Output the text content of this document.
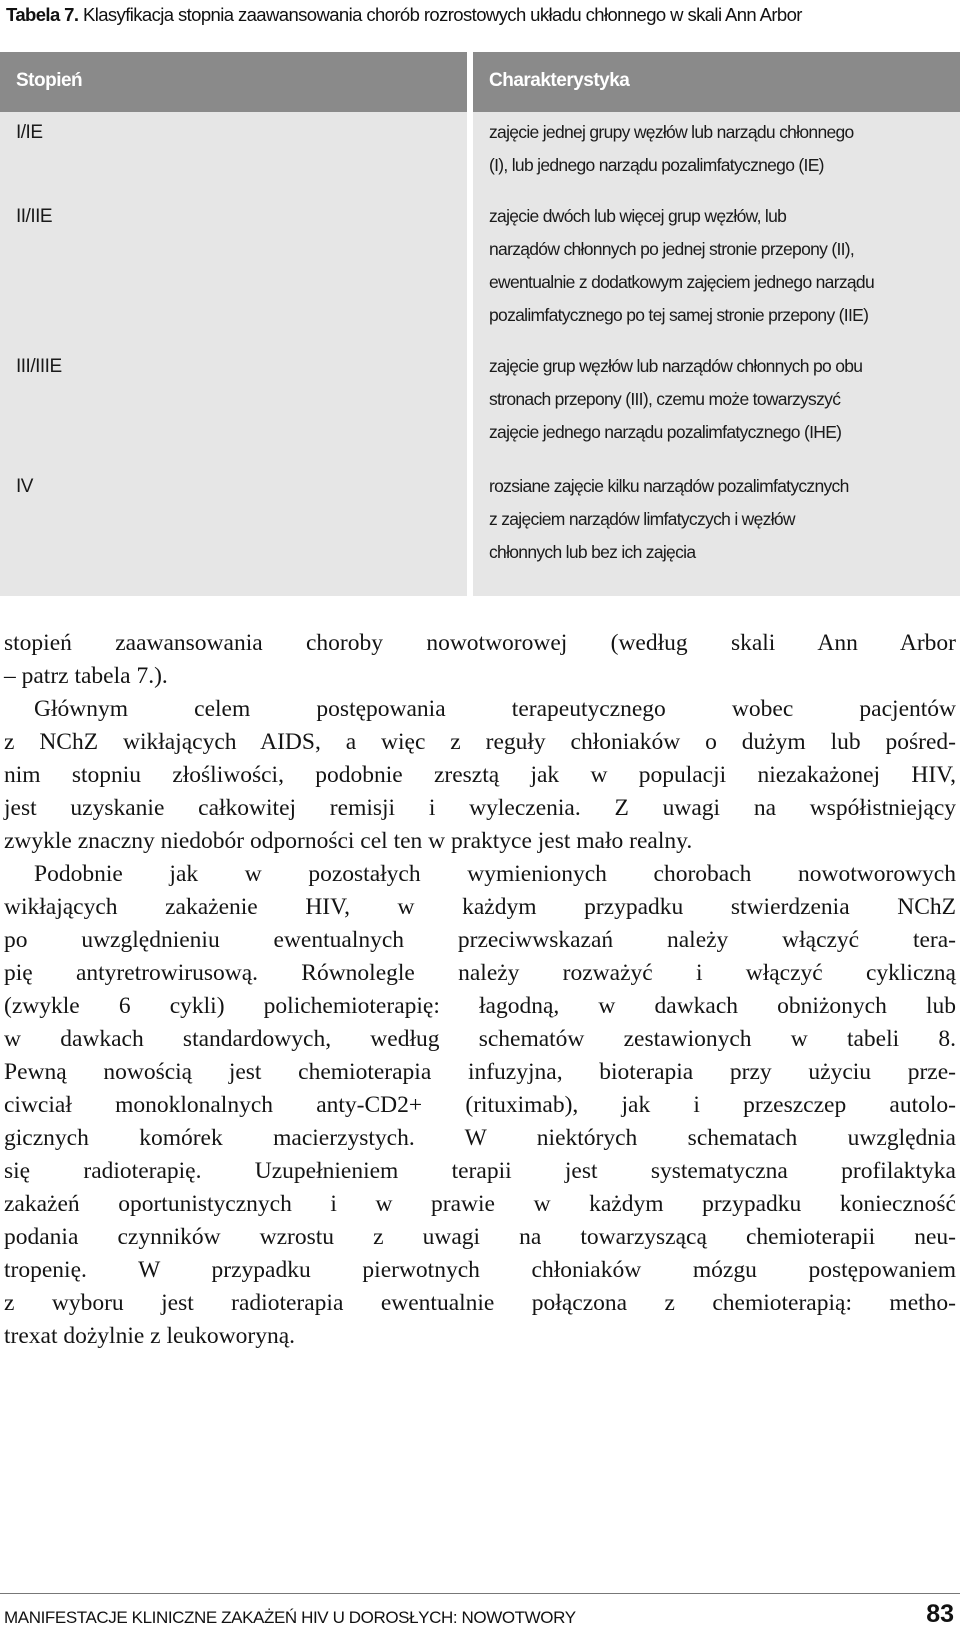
Tabela 7. Klasyfikacja stopnia zaawansowania chorób rozrostowych układu chłonnego w skali Ann Arbor
Stopień	Charakterystyka
I/IE
II/IIE
III/IIIE
IV
zajęcie jednej grupy węzłów lub narządu chłonnego
(I), lub jednego narządu pozalimfatycznego (IE)
zajęcie dwóch lub więcej grup węzłów, lub
narządów chłonnych po jednej stronie przepony (II),
ewentualnie z dodatkowym zajęciem jednego narządu
pozalimfatycznego po tej samej stronie przepony (IIE)
zajęcie grup węzłów lub narządów chłonnych po obu
stronach przepony (III), czemu może towarzyszyć
zajęcie jednego narządu pozalimfatycznego (IHE)
rozsiane zajęcie kilku narządów pozalimfatycznych
z zajęciem narządów limfatyczych i węzłów
chłonnych lub bez ich zajęcia
stopień zaawansowania choroby nowotworowej (według skali Ann Arbor
– patrz tabela 7.).
Głównym celem postępowania terapeutycznego wobec pacjentów
z NChZ wikłających AIDS, a więc z reguły chłoniaków o dużym lub pośred-
nim stopniu złośliwości, podobnie zresztą jak w populacji niezakażonej HIV,
jest uzyskanie całkowitej remisji i wyleczenia. Z uwagi na współistniejący
zwykle znaczny niedobór odporności cel ten w praktyce jest mało realny.
Podobnie jak w pozostałych wymienionych chorobach nowotworowych
wikłających zakażenie HIV, w każdym przypadku stwierdzenia NChZ
po uwzględnieniu ewentualnych przeciwwskazań należy włączyć tera-
pię antyretrowirusową. Równolegle należy rozważyć i włączyć cykliczną
(zwykle 6 cykli) polichemioterapię: łagodną, w dawkach obniżonych lub
w dawkach standardowych, według schematów zestawionych w tabeli 8.
Pewną nowością jest chemioterapia infuzyjna, bioterapia przy użyciu prze-
ciwciał monoklonalnych anty-CD2+ (rituximab), jak i przeszczep autolo-
gicznych komórek macierzystych. W niektórych schematach uwzględnia
się radioterapię. Uzupełnieniem terapii jest systematyczna profilaktyka
zakażeń oportunistycznych i w prawie w każdym przypadku konieczność
podania czynników wzrostu z uwagi na towarzyszącą chemioterapii neu-
tropenię. W przypadku pierwotnych chłoniaków mózgu postępowaniem
z wyboru jest radioterapia ewentualnie połączona z chemioterapią: metho-
trexat dożylnie z leukoworyną.
MANIFESTACJE KLINICZNE ZAKAŻEŃ HIV U DOROSŁYCH: NOWOTWORY	83
